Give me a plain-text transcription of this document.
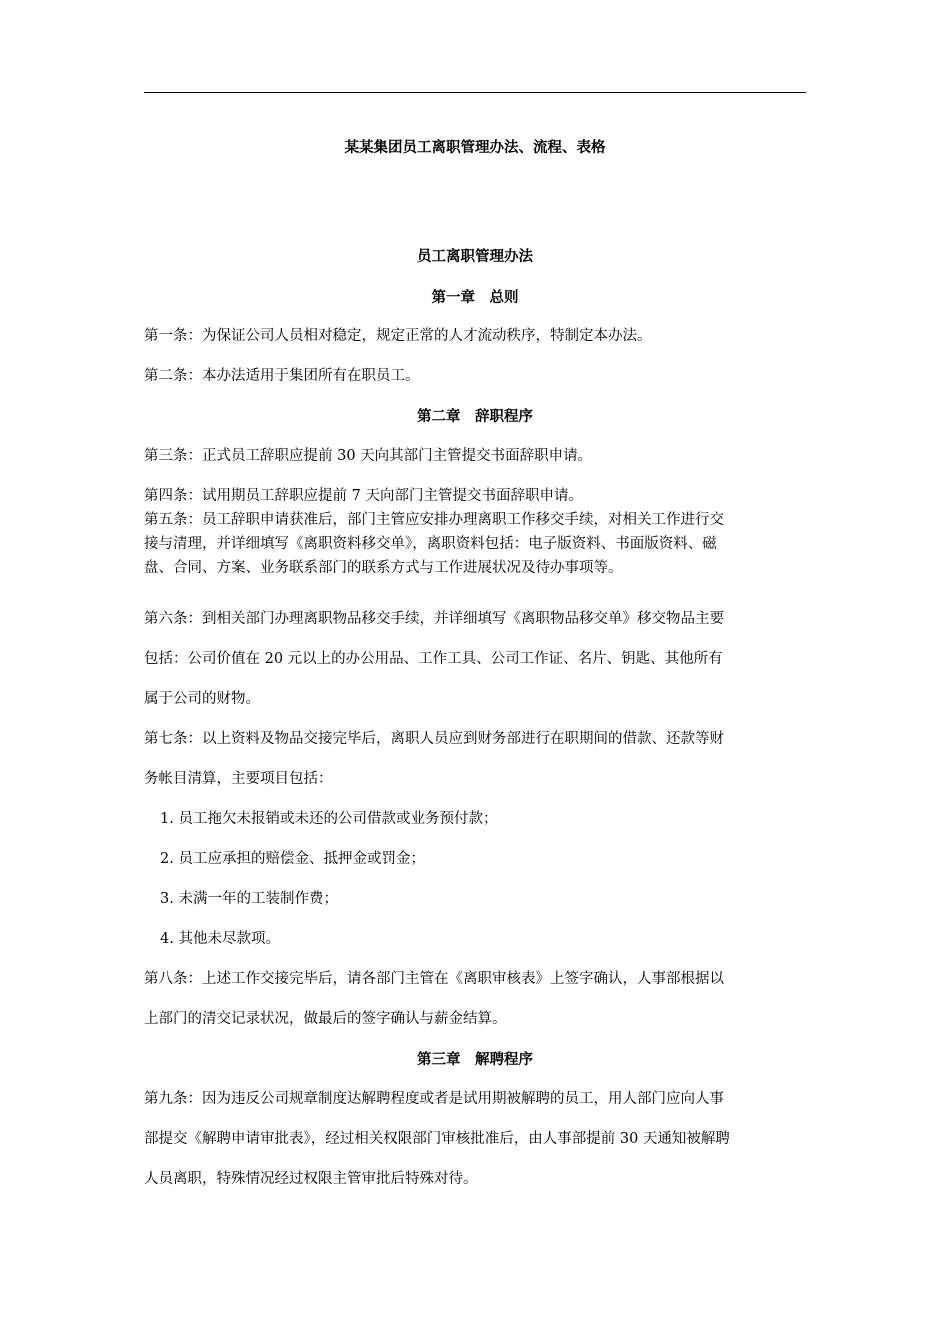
某某集团员工离职管理办法、流程、表格

员工离职管理办法

第一章　总则

第一条：为保证公司人员相对稳定，规定正常的人才流动秩序，特制定本办法。

第二条：本办法适用于集团所有在职员工。

第二章　辞职程序

第三条：正式员工辞职应提前 30 天向其部门主管提交书面辞职申请。

第四条：试用期员工辞职应提前 7 天向部门主管提交书面辞职申请。

第五条：员工辞职申请获准后，部门主管应安排办理离职工作移交手续，对相关工作进行交

接与清理，并详细填写《离职资料移交单》，离职资料包括：电子版资料、书面版资料、磁

盘、合同、方案、业务联系部门的联系方式与工作进展状况及待办事项等。

第六条：到相关部门办理离职物品移交手续，并详细填写《离职物品移交单》移交物品主要

包括：公司价值在 20 元以上的办公用品、工作工具、公司工作证、名片、钥匙、其他所有

属于公司的财物。

第七条：以上资料及物品交接完毕后，离职人员应到财务部进行在职期间的借款、还款等财

务帐目清算，主要项目包括：

1. 员工拖欠未报销或未还的公司借款或业务预付款；

2. 员工应承担的赔偿金、抵押金或罚金；

3. 未满一年的工装制作费；

4. 其他未尽款项。

第八条：上述工作交接完毕后，请各部门主管在《离职审核表》上签字确认，人事部根据以

上部门的清交记录状况，做最后的签字确认与薪金结算。

第三章　解聘程序

第九条：因为违反公司规章制度达解聘程度或者是试用期被解聘的员工，用人部门应向人事

部提交《解聘申请审批表》，经过相关权限部门审核批准后，由人事部提前 30 天通知被解聘

人员离职，特殊情况经过权限主管审批后特殊对待。
